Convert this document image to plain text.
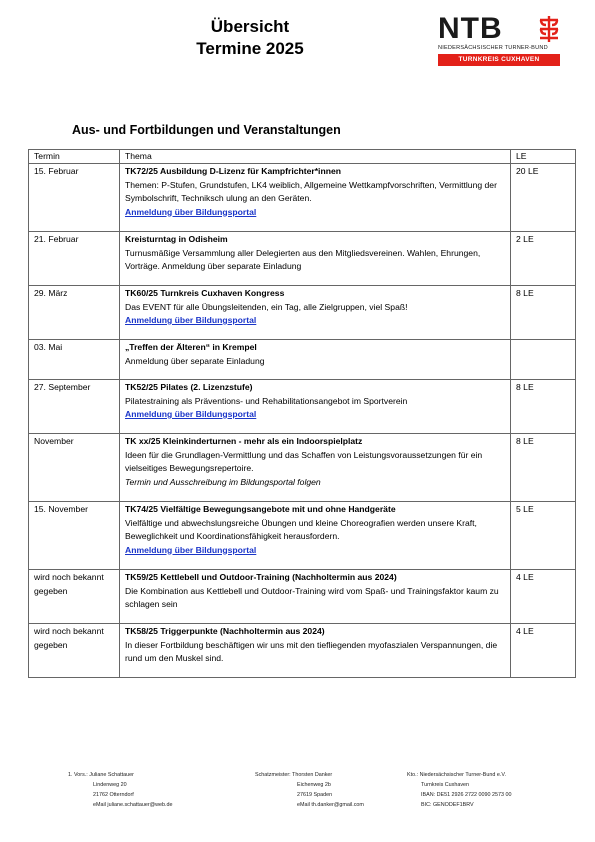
Übersicht
Termine 2025
NTB
NIEDERSÄCHSISCHER TURNER-BUND
TURNKREIS CUXHAVEN
Aus- und Fortbildungen und Veranstaltungen
Termin	Thema	LE
15. Februar	TK72/25 Ausbildung D-Lizenz für Kampfrichter*innen
Themen: P-Stufen, Grundstufen, LK4 weiblich, Allgemeine Wettkampfvorschriften, Vermittlung der Symbolschrift, Techniksch ulung an den Geräten.
Anmeldung über Bildungsportal	20 LE
21. Februar	Kreisturntag in Odisheim
Turnusmäßige Versammlung aller Delegierten aus den Mitgliedsvereinen. Wahlen, Ehrungen, Vorträge. Anmeldung über separate Einladung	2 LE
29. März	TK60/25 Turnkreis Cuxhaven Kongress
Das EVENT für alle Übungsleitenden, ein Tag, alle Zielgruppen, viel Spaß!
Anmeldung über Bildungsportal	8 LE
03. Mai	„Treffen der Älteren“ in Krempel
Anmeldung über separate Einladung	

27. September	TK52/25 Pilates (2. Lizenzstufe)
Pilatestraining als Präventions- und Rehabilitationsangebot im Sportverein
Anmeldung über Bildungsportal	8 LE
November	TK xx/25 Kleinkinderturnen - mehr als ein Indoorspielplatz
Ideen für die Grundlagen-Vermittlung und das Schaffen von Leistungsvoraussetzungen für ein vielseitiges Bewegungsrepertoire.
Termin und Ausschreibung im Bildungsportal folgen	8 LE
15. November	TK74/25 Vielfältige Bewegungsangebote mit und ohne Handgeräte
Vielfältige und abwechslungsreiche Übungen und kleine Choreografien werden unsere Kraft, Beweglichkeit und Koordinationsfähigkeit herausfordern.
Anmeldung über Bildungsportal	5 LE
wird noch bekannt gegeben	TK59/25 Kettlebell und Outdoor-Training (Nachholtermin aus 2024)
Die Kombination aus Kettlebell und Outdoor-Training wird vom Spaß- und Trainingsfaktor kaum zu schlagen sein	4 LE
wird noch bekannt gegeben	TK58/25 Triggerpunkte (Nachholtermin aus 2024)
In dieser Fortbildung beschäftigen wir uns mit den tiefliegenden myofaszialen Verspannungen, die rund um den Muskel sind.	4 LE
1. Vors.: Juliane Schattauer
Lindenweg 20
21762 Otterndorf
eMail juliane.schattauer@web.de
Schatzmeister: Thorsten Danker
Eichenweg 2b
27619 Spaden
eMail th.danker@gmail.com
Kto.: Niedersächsischer Turner-Bund e.V.
Turnkreis Cuxhaven
IBAN: DE51 2926 2722 0090 2573 00
BIC: GENODEF1BRV
